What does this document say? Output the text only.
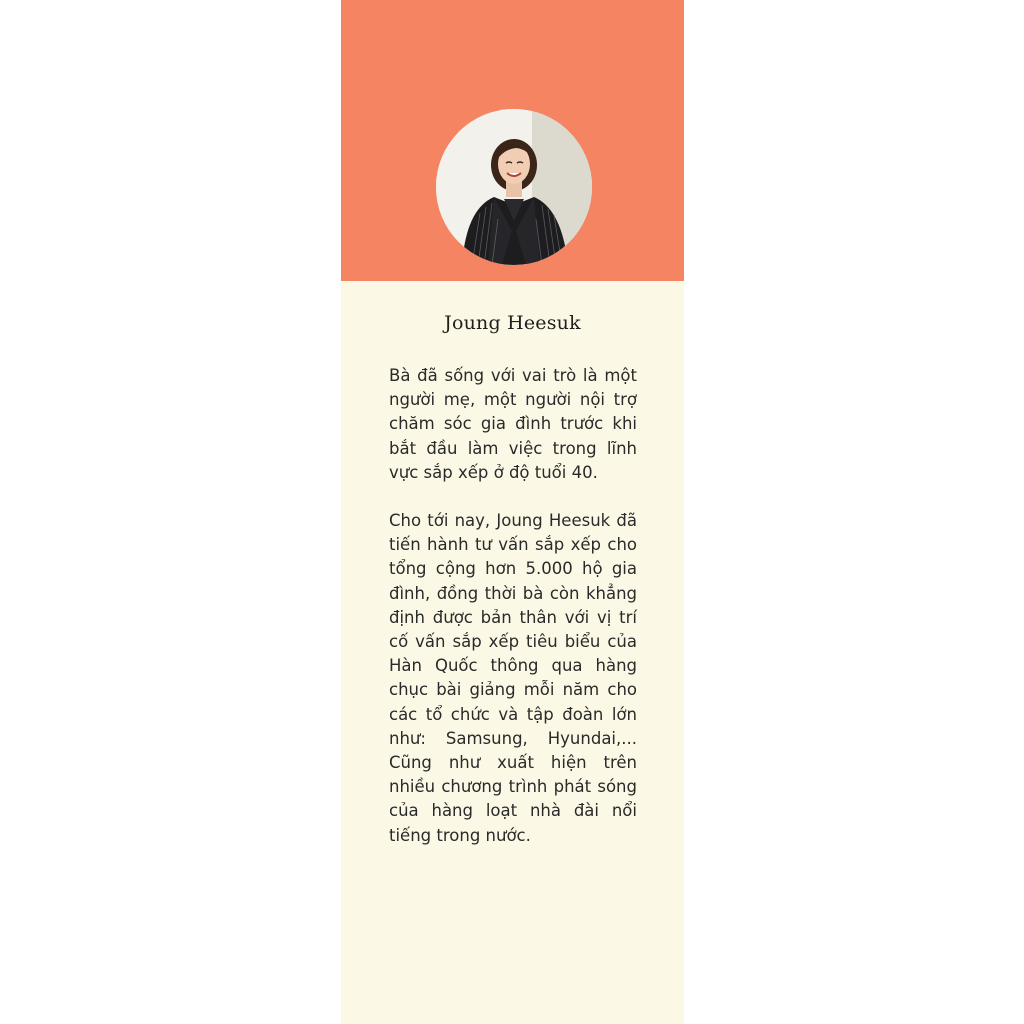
Joung Heesuk

Bà đã sống với vai trò là một người mẹ, một người nội trợ chăm sóc gia đình trước khi bắt đầu làm việc trong lĩnh vực sắp xếp ở độ tuổi 40.

Cho tới nay, Joung Heesuk đã tiến hành tư vấn sắp xếp cho tổng cộng hơn 5.000 hộ gia đình, đồng thời bà còn khẳng định được bản thân với vị trí cố vấn sắp xếp tiêu biểu của Hàn Quốc thông qua hàng chục bài giảng mỗi năm cho các tổ chức và tập đoàn lớn như: Samsung, Hyundai,... Cũng như xuất hiện trên nhiều chương trình phát sóng của hàng loạt nhà đài nổi tiếng trong nước.
